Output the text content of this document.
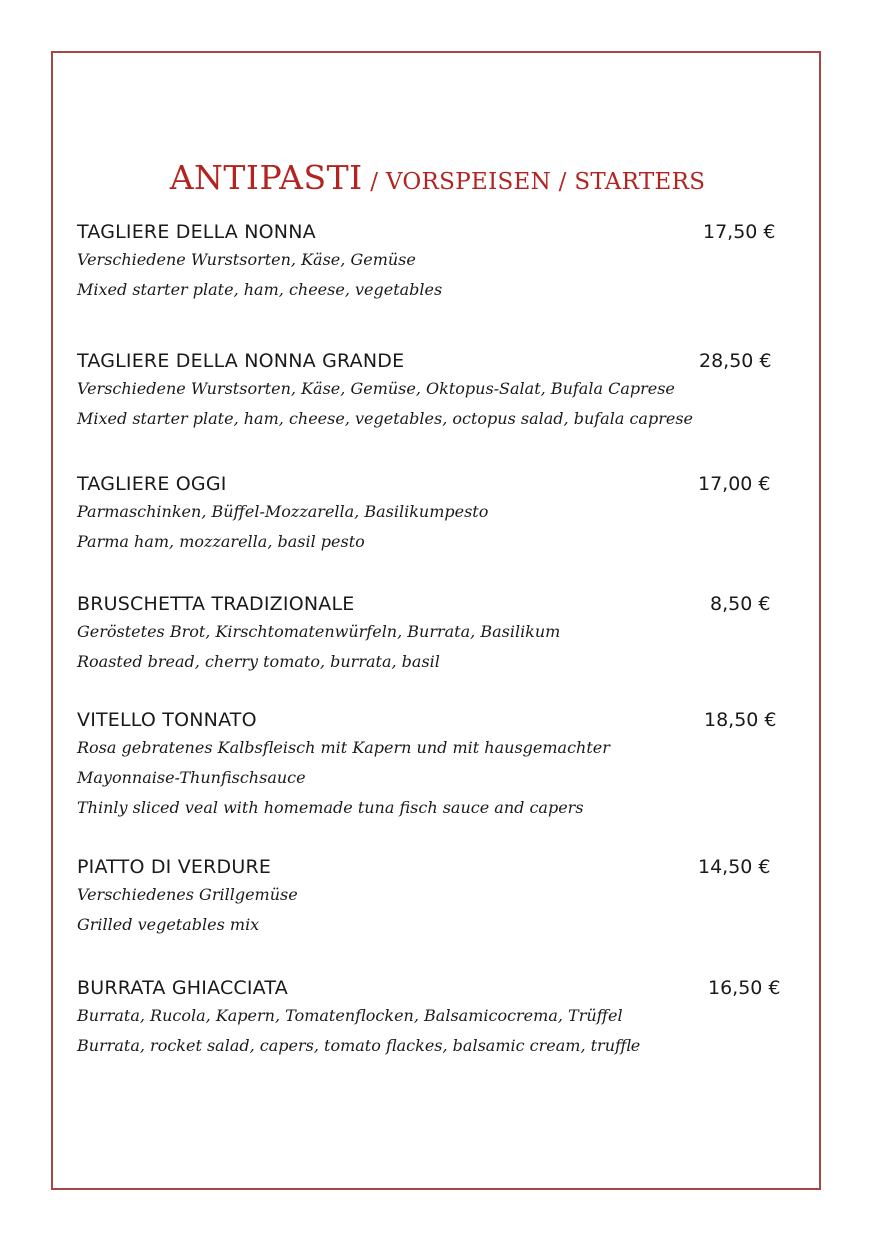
ANTIPASTI / VORSPEISEN / STARTERS
TAGLIERE DELLA NONNA	17,50 €
Verschiedene Wurstsorten, Käse, Gemüse
Mixed starter plate, ham, cheese, vegetables
TAGLIERE DELLA NONNA GRANDE	28,50 €
Verschiedene Wurstsorten, Käse, Gemüse, Oktopus-Salat, Bufala Caprese
Mixed starter plate, ham, cheese, vegetables, octopus salad, bufala caprese
TAGLIERE OGGI	17,00 €
Parmaschinken, Büffel-Mozzarella, Basilikumpesto
Parma ham, mozzarella, basil pesto
BRUSCHETTA TRADIZIONALE	8,50 €
Geröstetes Brot, Kirschtomatenwürfeln, Burrata, Basilikum
Roasted bread, cherry tomato, burrata, basil
VITELLO TONNATO	18,50 €
Rosa gebratenes Kalbsfleisch mit Kapern und mit hausgemachter
Mayonnaise-Thunfischsauce
Thinly sliced veal with homemade tuna fisch sauce and capers
PIATTO DI VERDURE	14,50 €
Verschiedenes Grillgemüse
Grilled vegetables mix
BURRATA GHIACCIATA	16,50 €
Burrata, Rucola, Kapern, Tomatenflocken, Balsamicocrema, Trüffel
Burrata, rocket salad, capers, tomato flackes, balsamic cream, truffle
